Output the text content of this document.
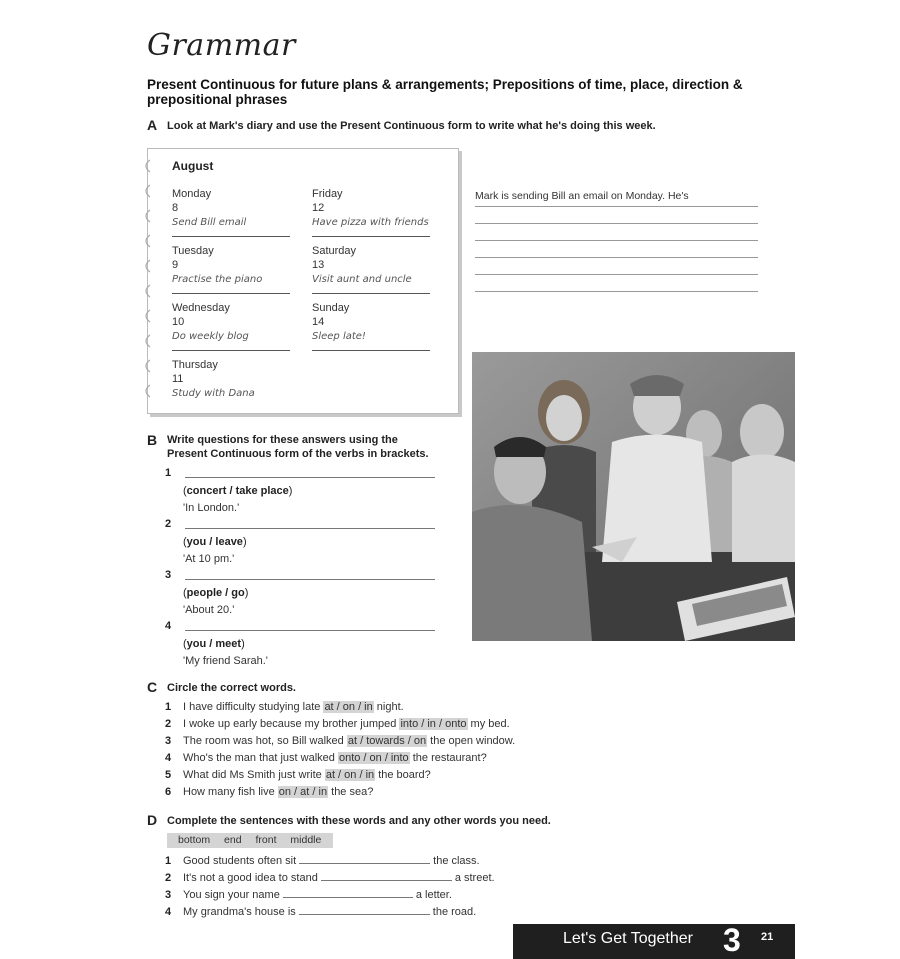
Grammar
Present Continuous for future plans & arrangements; Prepositions of time, place, direction & prepositional phrases
A Look at Mark's diary and use the Present Continuous form to write what he's doing this week.
August
Monday
8
Send Bill email
Friday
12
Have pizza with friends
Tuesday
9
Practise the piano
Saturday
13
Visit aunt and uncle
Wednesday
10
Do weekly blog
Sunday
14
Sleep late!
Thursday
11
Study with Dana
Mark is sending Bill an email on Monday. He's
B Write questions for these answers using the
Present Continuous form of the verbs in brackets.
1
(concert / take place)
'In London.'
2
(you / leave)
'At 10 pm.'
3
(people / go)
'About 20.'
4
(you / meet)
'My friend Sarah.'
C Circle the correct words.
1 I have difficulty studying late at / on / in night.
2 I woke up early because my brother jumped into / in / onto my bed.
3 The room was hot, so Bill walked at / towards / on the open window.
4 Who's the man that just walked onto / on / into the restaurant?
5 What did Ms Smith just write at / on / in the board?
6 How many fish live on / at / in the sea?
D Complete the sentences with these words and any other words you need.
bottom end front middle
1 Good students often sit	the class.
2 It's not a good idea to stand	a street.
3 You sign your name	a letter.
4 My grandma's house is	the road.
Let's Get Together 3 21
